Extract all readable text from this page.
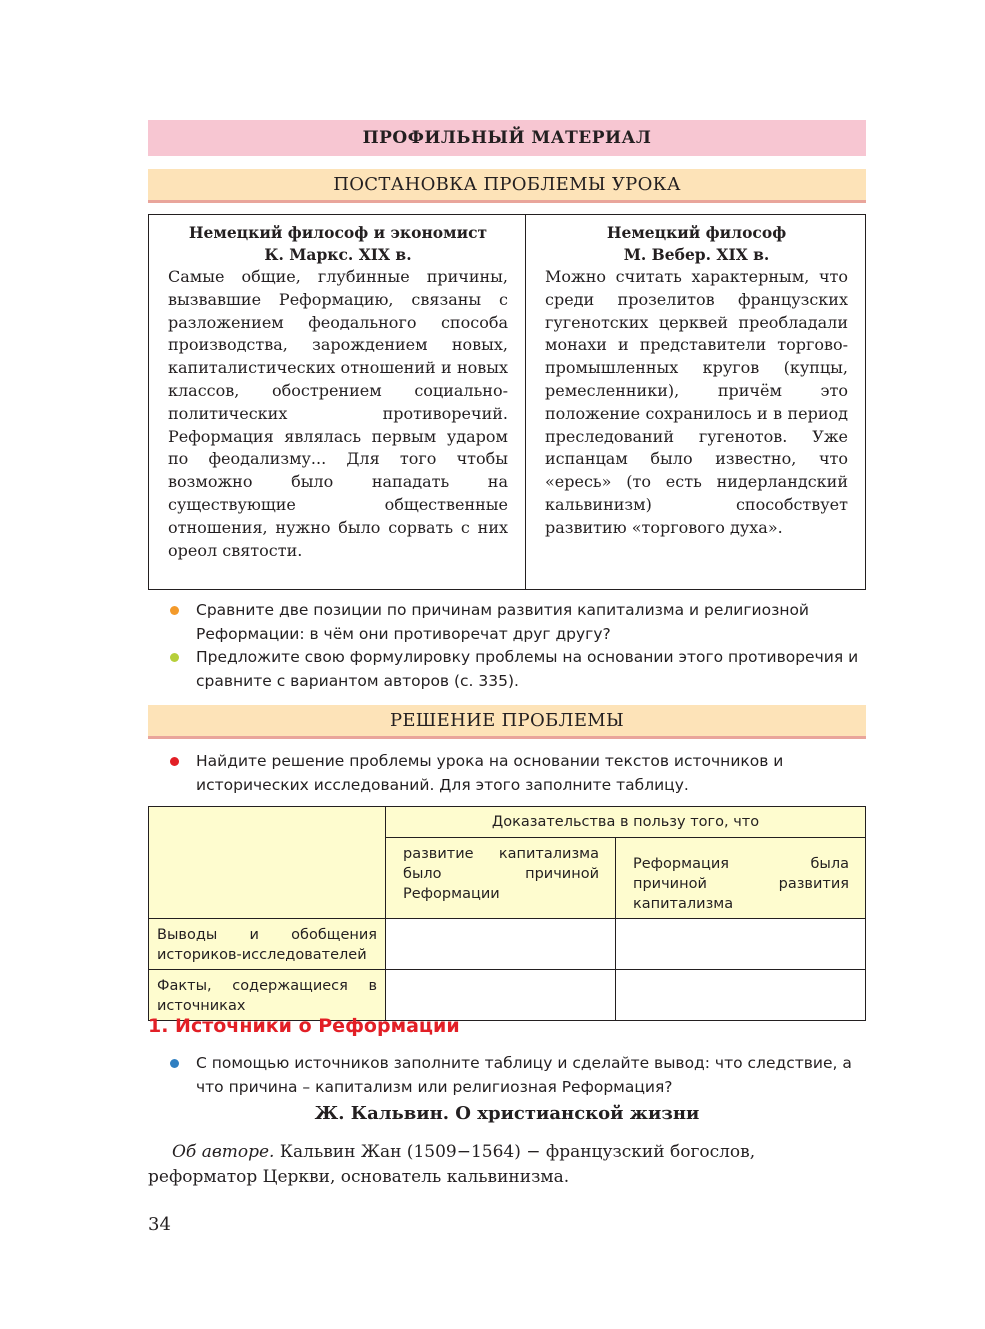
ПРОФИЛЬНЫЙ МАТЕРИАЛ
ПОСТАНОВКА ПРОБЛЕМЫ УРОКА
Немецкий философ и экономист
К. Маркс. XIX в.
Самые общие, глубинные причины, вызвавшие Реформацию, связаны с разложением феодального способа производства, зарождением новых, капиталистических отношений и новых классов, обострением социально-политических противоречий. Реформация являлась первым ударом по феодализму... Для того чтобы возможно было нападать на существующие общественные отношения, нужно было сорвать с них ореол святости.
Немецкий философ
М. Вебер. XIX в.
Можно считать характерным, что среди прозелитов французских гугенотских церквей преобладали монахи и представители торгово-промышленных кругов (купцы, ремесленники), причём это положение сохранилось и в период преследований гугенотов. Уже испанцам было известно, что «ересь» (то есть нидерландский кальвинизм) способствует развитию «торгового духа».
Сравните две позиции по причинам развития капитализма и религиозной Реформации: в чём они противоречат друг другу?
Предложите свою формулировку проблемы на основании этого противоречия и сравните с вариантом авторов (с. 335).
РЕШЕНИЕ ПРОБЛЕМЫ
Найдите решение проблемы урока на основании текстов источников и исторических исследований. Для этого заполните таблицу.
	Доказательства в пользу того, что	

	развитие капитализма было причиной Реформации	Реформация была причиной развития капитализма

Выводы и обобщения историков-исследователей		

Факты, содержащиеся в источниках		

1. Источники о Реформации
С помощью источников заполните таблицу и сделайте вывод: что следствие, а что причина – капитализм или религиозная Реформация?
Ж. Кальвин. О христианской жизни
Об авторе. Кальвин Жан (1509−1564) − французский богослов, реформатор Церкви, основатель кальвинизма.
34
